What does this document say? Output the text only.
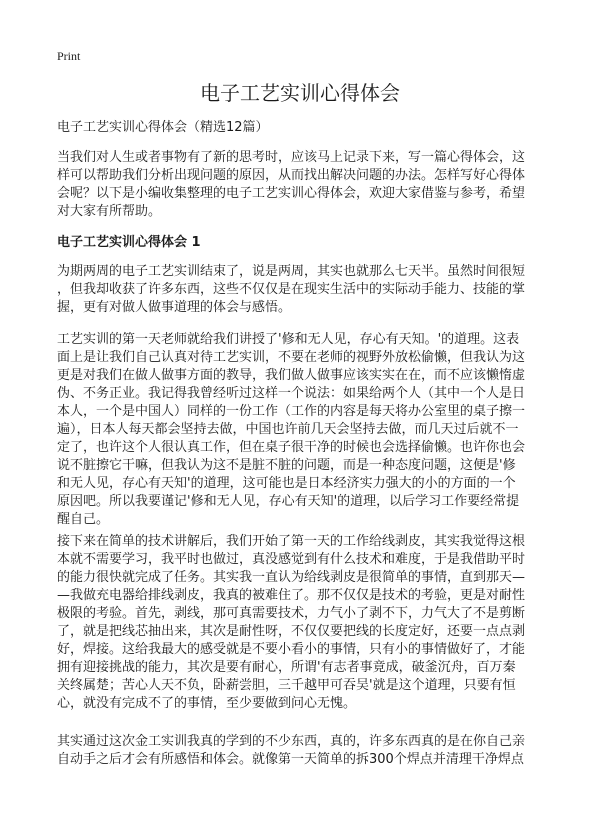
Print
电子工艺实训心得体会
电子工艺实训心得体会（精选12篇）
当我们对人生或者事物有了新的思考时，应该马上记录下来，写一篇心得体会，这
样可以帮助我们分析出现问题的原因，从而找出解决问题的办法。怎样写好心得体
会呢？以下是小编收集整理的电子工艺实训心得体会，欢迎大家借鉴与参考，希望
对大家有所帮助。
电子工艺实训心得体会 1
为期两周的电子工艺实训结束了，说是两周，其实也就那么七天半。虽然时间很短
，但我却收获了许多东西，这些不仅仅是在现实生活中的实际动手能力、技能的掌
握，更有对做人做事道理的体会与感悟。
工艺实训的第一天老师就给我们讲授了'修和无人见，存心有天知。'的道理。这表
面上是让我们自己认真对待工艺实训，不要在老师的视野外放松偷懒，但我认为这
更是对我们在做人做事方面的教导，我们做人做事应该实实在在，而不应该懒惰虚
伪、不务正业。我记得我曾经听过这样一个说法：如果给两个人（其中一个人是日
本人，一个是中国人）同样的一份工作（工作的内容是每天将办公室里的桌子擦一
遍），日本人每天都会坚持去做，中国也许前几天会坚持去做，而几天过后就不一
定了，也许这个人很认真工作，但在桌子很干净的时候也会选择偷懒。也许你也会
说不脏擦它干嘛，但我认为这不是脏不脏的问题，而是一种态度问题，这便是'修
和无人见，存心有天知'的道理，这可能也是日本经济实力强大的小的方面的一个
原因吧。所以我要谨记'修和无人见，存心有天知'的道理，以后学习工作要经常提
醒自己。
接下来在简单的技术讲解后，我们开始了第一天的工作给线剥皮，其实我觉得这根
本就不需要学习，我平时也做过，真没感觉到有什么技术和难度，于是我借助平时
的能力很快就完成了任务。其实我一直认为给线剥皮是很简单的事情，直到那天—
—我做充电器给排线剥皮，我真的被难住了。那不仅仅是技术的考验，更是对耐性
极限的考验。首先，剥线，那可真需要技术，力气小了剥不下，力气大了不是剪断
了，就是把线芯抽出来，其次是耐性呀，不仅仅要把线的长度定好，还要一点点剥
好，焊接。这给我最大的感受就是不要小看小的事情，只有小的事情做好了，才能
拥有迎接挑战的能力，其次是要有耐心，所谓'有志者事竟成，破釜沉舟，百万秦
关终属楚；苦心人天不负，卧薪尝胆，三千越甲可吞吴'就是这个道理，只要有恒
心，就没有完成不了的事情，至少要做到问心无愧。
其实通过这次金工实训我真的学到的不少东西，真的，许多东西真的是在你自己亲
自动手之后才会有所感悟和体会。就像第一天简单的拆300个焊点并清理干净焊点
